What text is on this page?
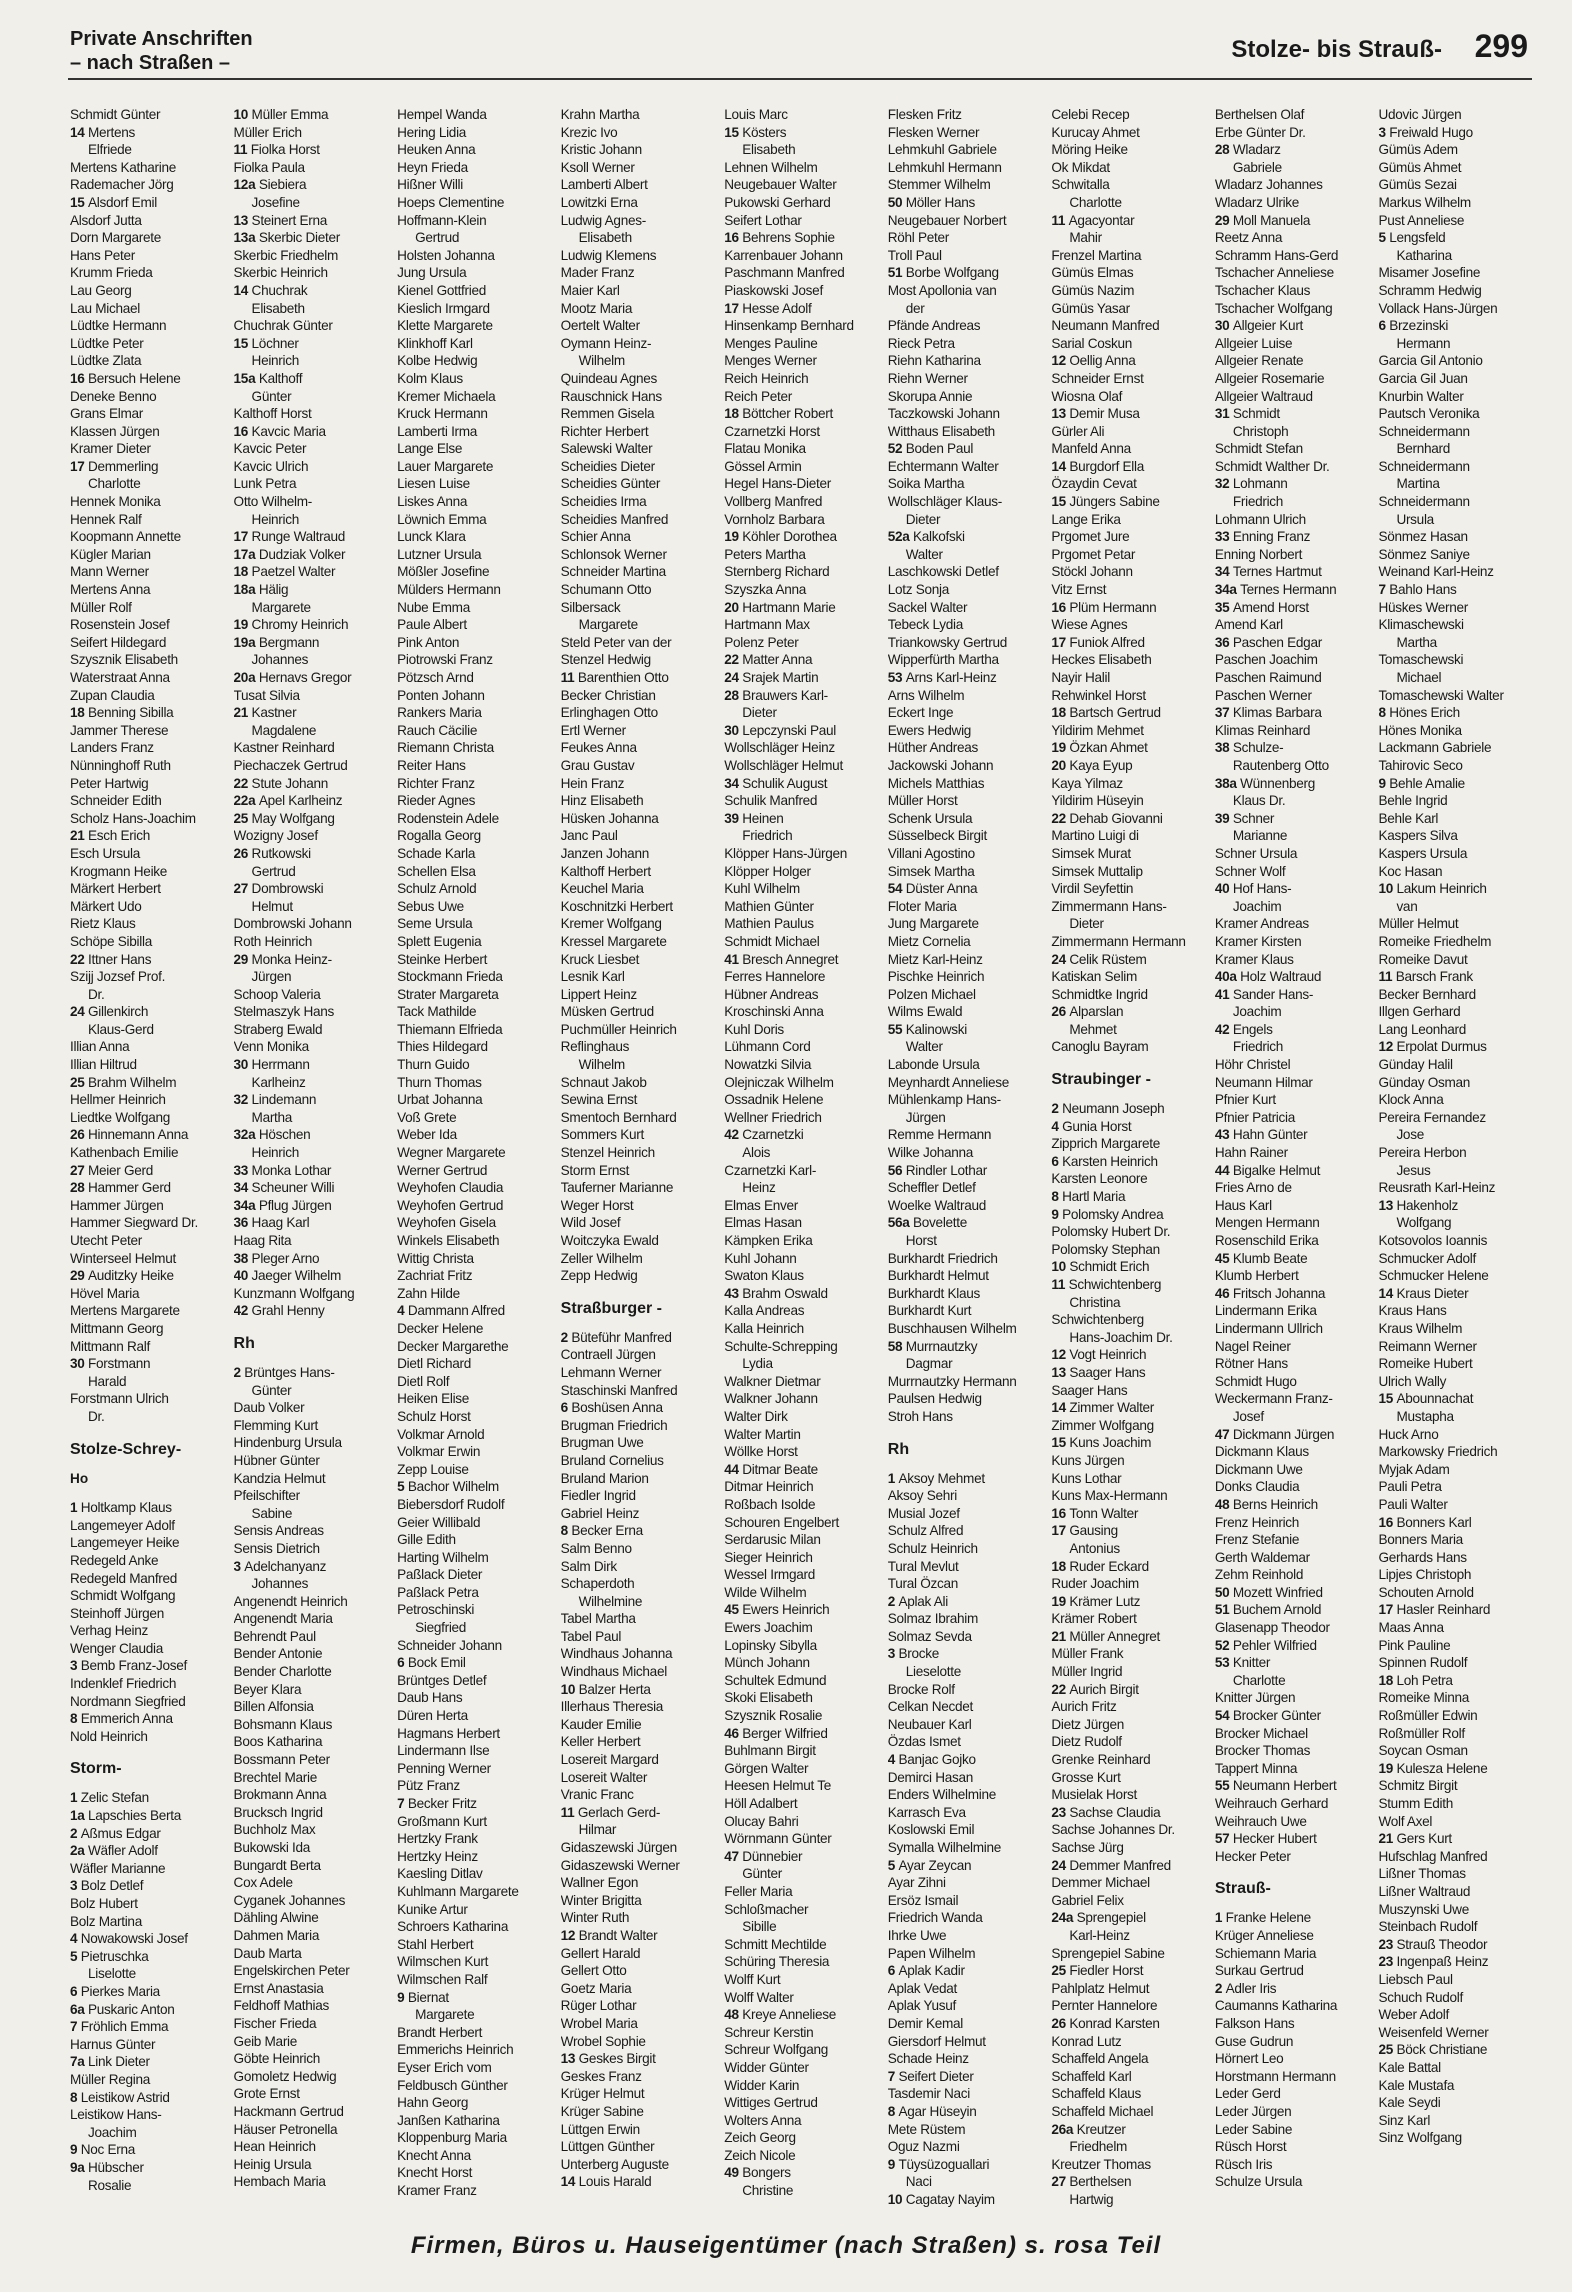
Private Anschriften
– nach Straßen –	Stolze- bis Strauß- 299
Schmidt Günter
14 Mertens
Elfriede
Mertens Katharine
Rademacher Jörg
15 Alsdorf Emil
Alsdorf Jutta
Dorn Margarete
Hans Peter
Krumm Frieda
Lau Georg
Lau Michael
Lüdtke Hermann
Lüdtke Peter
Lüdtke Zlata
16 Bersuch Helene
Deneke Benno
Grans Elmar
Klassen Jürgen
Kramer Dieter
17 Demmerling
Charlotte
Hennek Monika
Hennek Ralf
Koopmann Annette
Kügler Marian
Mann Werner
Mertens Anna
Müller Rolf
Rosenstein Josef
Seifert Hildegard
Szysznik Elisabeth
Waterstraat Anna
Zupan Claudia
18 Benning Sibilla
Jammer Therese
Landers Franz
Nünninghoff Ruth
Peter Hartwig
Schneider Edith
Scholz Hans-Joachim
21 Esch Erich
Esch Ursula
Krogmann Heike
Märkert Herbert
Märkert Udo
Rietz Klaus
Schöpe Sibilla
22 Ittner Hans
Szijj Jozsef Prof.
Dr.
24 Gillenkirch
Klaus-Gerd
Illian Anna
Illian Hiltrud
25 Brahm Wilhelm
Hellmer Heinrich
Liedtke Wolfgang
26 Hinnemann Anna
Kathenbach Emilie
27 Meier Gerd
28 Hammer Gerd
Hammer Jürgen
Hammer Siegward Dr.
Utecht Peter
Winterseel Helmut
29 Auditzky Heike
Hövel Maria
Mertens Margarete
Mittmann Georg
Mittmann Ralf
30 Forstmann
Harald
Forstmann Ulrich
Dr.
Stolze-Schrey-
Ho
1 Holtkamp Klaus
Langemeyer Adolf
Langemeyer Heike
Redegeld Anke
Redegeld Manfred
Schmidt Wolfgang
Steinhoff Jürgen
Verhag Heinz
Wenger Claudia
3 Bemb Franz-Josef
Indenklef Friedrich
Nordmann Siegfried
8 Emmerich Anna
Nold Heinrich
Storm-
1 Zelic Stefan
1a Lapschies Berta
2 Aßmus Edgar
2a Wäfler Adolf
Wäfler Marianne
3 Bolz Detlef
Bolz Hubert
Bolz Martina
4 Nowakowski Josef
5 Pietruschka
Liselotte
6 Pierkes Maria
6a Puskaric Anton
7 Fröhlich Emma
Harnus Günter
7a Link Dieter
Müller Regina
8 Leistikow Astrid
Leistikow Hans-
Joachim
9 Noc Erna
9a Hübscher
Rosalie
10 Müller Emma
Müller Erich
11 Fiolka Horst
Fiolka Paula
12a Siebiera
Josefine
13 Steinert Erna
13a Skerbic Dieter
Skerbic Friedhelm
Skerbic Heinrich
14 Chuchrak
Elisabeth
Chuchrak Günter
15 Löchner
Heinrich
15a Kalthoff
Günter
Kalthoff Horst
16 Kavcic Maria
Kavcic Peter
Kavcic Ulrich
Lunk Petra
Otto Wilhelm-
Heinrich
17 Runge Waltraud
17a Dudziak Volker
18 Paetzel Walter
18a Hälig
Margarete
19 Chromy Heinrich
19a Bergmann
Johannes
20a Hernavs Gregor
Tusat Silvia
21 Kastner
Magdalene
Kastner Reinhard
Piechaczek Gertrud
22 Stute Johann
22a Apel Karlheinz
25 May Wolfgang
Wozigny Josef
26 Rutkowski
Gertrud
27 Dombrowski
Helmut
Dombrowski Johann
Roth Heinrich
29 Monka Heinz-
Jürgen
Schoop Valeria
Stelmaszyk Hans
Straberg Ewald
Venn Monika
30 Herrmann
Karlheinz
32 Lindemann
Martha
32a Höschen
Heinrich
33 Monka Lothar
34 Scheuner Willi
34a Pflug Jürgen
36 Haag Karl
Haag Rita
38 Pleger Arno
40 Jaeger Wilhelm
Kunzmann Wolfgang
42 Grahl Henny
Rh
2 Brüntges Hans-
Günter
Daub Volker
Flemming Kurt
Hindenburg Ursula
Hübner Günter
Kandzia Helmut
Pfeilschifter
Sabine
Sensis Andreas
Sensis Dietrich
3 Adelchanyanz
Johannes
Angenendt Heinrich
Angenendt Maria
Behrendt Paul
Bender Antonie
Bender Charlotte
Beyer Klara
Billen Alfonsia
Bohsmann Klaus
Boos Katharina
Bossmann Peter
Brechtel Marie
Brokmann Anna
Brucksch Ingrid
Buchholz Max
Bukowski Ida
Bungardt Berta
Cox Adele
Cyganek Johannes
Dähling Alwine
Dahmen Maria
Daub Marta
Engelskirchen Peter
Ernst Anastasia
Feldhoff Mathias
Fischer Frieda
Geib Marie
Göbte Heinrich
Gomoletz Hedwig
Grote Ernst
Hackmann Gertrud
Häuser Petronella
Hean Heinrich
Heinig Ursula
Hembach Maria
Hempel Wanda
Hering Lidia
Heuken Anna
Heyn Frieda
Hißner Willi
Hoeps Clementine
Hoffmann-Klein
Gertrud
Holsten Johanna
Jung Ursula
Kienel Gottfried
Kieslich Irmgard
Klette Margarete
Klinkhoff Karl
Kolbe Hedwig
Kolm Klaus
Kremer Michaela
Kruck Hermann
Lamberti Irma
Lange Else
Lauer Margarete
Liesen Luise
Liskes Anna
Löwnich Emma
Lunck Klara
Lutzner Ursula
Mößler Josefine
Mülders Hermann
Nube Emma
Paule Albert
Pink Anton
Piotrowski Franz
Pötzsch Arnd
Ponten Johann
Rankers Maria
Rauch Cäcilie
Riemann Christa
Reiter Hans
Richter Franz
Rieder Agnes
Rodenstein Adele
Rogalla Georg
Schade Karla
Schellen Elsa
Schulz Arnold
Sebus Uwe
Seme Ursula
Splett Eugenia
Steinke Herbert
Stockmann Frieda
Strater Margareta
Tack Mathilde
Thiemann Elfrieda
Thies Hildegard
Thurn Guido
Thurn Thomas
Urbat Johanna
Voß Grete
Weber Ida
Wegner Margarete
Werner Gertrud
Weyhofen Claudia
Weyhofen Gertrud
Weyhofen Gisela
Winkels Elisabeth
Wittig Christa
Zachriat Fritz
Zahn Hilde
4 Dammann Alfred
Decker Helene
Decker Margarethe
Dietl Richard
Dietl Rolf
Heiken Elise
Schulz Horst
Volkmar Arnold
Volkmar Erwin
Zepp Louise
5 Bachor Wilhelm
Biebersdorf Rudolf
Geier Willibald
Gille Edith
Harting Wilhelm
Paßlack Dieter
Paßlack Petra
Petroschinski
Siegfried
Schneider Johann
6 Bock Emil
Brüntges Detlef
Daub Hans
Düren Herta
Hagmans Herbert
Lindermann Ilse
Penning Werner
Pütz Franz
7 Becker Fritz
Großmann Kurt
Hertzky Frank
Hertzky Heinz
Kaesling Ditlav
Kuhlmann Margarete
Kunike Artur
Schroers Katharina
Stahl Herbert
Wilmschen Kurt
Wilmschen Ralf
9 Biernat
Margarete
Brandt Herbert
Emmerichs Heinrich
Eyser Erich vom
Feldbusch Günther
Hahn Georg
Janßen Katharina
Kloppenburg Maria
Knecht Anna
Knecht Horst
Kramer Franz
Krahn Martha
Krezic Ivo
Kristic Johann
Ksoll Werner
Lamberti Albert
Lowitzki Erna
Ludwig Agnes-
Elisabeth
Ludwig Klemens
Mader Franz
Maier Karl
Mootz Maria
Oertelt Walter
Oymann Heinz-
Wilhelm
Quindeau Agnes
Rauschnick Hans
Remmen Gisela
Richter Herbert
Salewski Walter
Scheidies Dieter
Scheidies Günter
Scheidies Irma
Scheidies Manfred
Schier Anna
Schlonsok Werner
Schneider Martina
Schumann Otto
Silbersack
Margarete
Steld Peter van der
Stenzel Hedwig
11 Barenthien Otto
Becker Christian
Erlinghagen Otto
Ertl Werner
Feukes Anna
Grau Gustav
Hein Franz
Hinz Elisabeth
Hüsken Johanna
Janc Paul
Janzen Johann
Kalthoff Herbert
Keuchel Maria
Koschnitzki Herbert
Kremer Wolfgang
Kressel Margarete
Kruck Liesbet
Lesnik Karl
Lippert Heinz
Müsken Gertrud
Puchmüller Heinrich
Reflinghaus
Wilhelm
Schnaut Jakob
Sewina Ernst
Smentoch Bernhard
Sommers Kurt
Stenzel Heinrich
Storm Ernst
Tauferner Marianne
Weger Horst
Wild Josef
Woitczyka Ewald
Zeller Wilhelm
Zepp Hedwig
Straßburger -
2 Büteführ Manfred
Contraell Jürgen
Lehmann Werner
Staschinski Manfred
6 Boshüsen Anna
Brugman Friedrich
Brugman Uwe
Bruland Cornelius
Bruland Marion
Fiedler Ingrid
Gabriel Heinz
8 Becker Erna
Salm Benno
Salm Dirk
Schaperdoth
Wilhelmine
Tabel Martha
Tabel Paul
Windhaus Johanna
Windhaus Michael
10 Balzer Herta
Illerhaus Theresia
Kauder Emilie
Keller Herbert
Losereit Margard
Losereit Walter
Vranic Franc
11 Gerlach Gerd-
Hilmar
Gidaszewski Jürgen
Gidaszewski Werner
Wallner Egon
Winter Brigitta
Winter Ruth
12 Brandt Walter
Gellert Harald
Gellert Otto
Goetz Maria
Rüger Lothar
Wrobel Maria
Wrobel Sophie
13 Geskes Birgit
Geskes Franz
Krüger Helmut
Krüger Sabine
Lüttgen Erwin
Lüttgen Günther
Unterberg Auguste
14 Louis Harald
Louis Marc
15 Kösters
Elisabeth
Lehnen Wilhelm
Neugebauer Walter
Pukowski Gerhard
Seifert Lothar
16 Behrens Sophie
Karrenbauer Johann
Paschmann Manfred
Piaskowski Josef
17 Hesse Adolf
Hinsenkamp Bernhard
Menges Pauline
Menges Werner
Reich Heinrich
Reich Peter
18 Böttcher Robert
Czarnetzki Horst
Flatau Monika
Gössel Armin
Hegel Hans-Dieter
Vollberg Manfred
Vornholz Barbara
19 Köhler Dorothea
Peters Martha
Sternberg Richard
Szyszka Anna
20 Hartmann Marie
Hartmann Max
Polenz Peter
22 Matter Anna
24 Srajek Martin
28 Brauwers Karl-
Dieter
30 Lepczynski Paul
Wollschläger Heinz
Wollschläger Helmut
34 Schulik August
Schulik Manfred
39 Heinen
Friedrich
Klöpper Hans-Jürgen
Klöpper Holger
Kuhl Wilhelm
Mathien Günter
Mathien Paulus
Schmidt Michael
41 Bresch Annegret
Ferres Hannelore
Hübner Andreas
Kroschinski Anna
Kuhl Doris
Lühmann Cord
Nowatzki Silvia
Olejniczak Wilhelm
Ossadnik Helene
Wellner Friedrich
42 Czarnetzki
Alois
Czarnetzki Karl-
Heinz
Elmas Enver
Elmas Hasan
Kämpken Erika
Kuhl Johann
Swaton Klaus
43 Brahm Oswald
Kalla Andreas
Kalla Heinrich
Schulte-Schrepping
Lydia
Walkner Dietmar
Walkner Johann
Walter Dirk
Walter Martin
Wöllke Horst
44 Ditmar Beate
Ditmar Heinrich
Roßbach Isolde
Schouren Engelbert
Serdarusic Milan
Sieger Heinrich
Wessel Irmgard
Wilde Wilhelm
45 Ewers Heinrich
Ewers Joachim
Lopinsky Sibylla
Münch Johann
Schultek Edmund
Skoki Elisabeth
Szysznik Rosalie
46 Berger Wilfried
Buhlmann Birgit
Görgen Walter
Heesen Helmut Te
Höll Adalbert
Olucay Bahri
Wörnmann Günter
47 Dünnebier
Günter
Feller Maria
Schloßmacher
Sibille
Schmitt Mechtilde
Schüring Theresia
Wolff Kurt
Wolff Walter
48 Kreye Anneliese
Schreur Kerstin
Schreur Wolfgang
Widder Günter
Widder Karin
Wittiges Gertrud
Wolters Anna
Zeich Georg
Zeich Nicole
49 Bongers
Christine
Flesken Fritz
Flesken Werner
Lehmkuhl Gabriele
Lehmkuhl Hermann
Stemmer Wilhelm
50 Möller Hans
Neugebauer Norbert
Röhl Peter
Troll Paul
51 Borbe Wolfgang
Most Apollonia van
der
Pfände Andreas
Rieck Petra
Riehn Katharina
Riehn Werner
Skorupa Annie
Taczkowski Johann
Witthaus Elisabeth
52 Boden Paul
Echtermann Walter
Soika Martha
Wollschläger Klaus-
Dieter
52a Kalkofski
Walter
Laschkowski Detlef
Lotz Sonja
Sackel Walter
Tebeck Lydia
Triankowsky Gertrud
Wipperfürth Martha
53 Arns Karl-Heinz
Arns Wilhelm
Eckert Inge
Ewers Hedwig
Hüther Andreas
Jackowski Johann
Michels Matthias
Müller Horst
Schenk Ursula
Süsselbeck Birgit
Villani Agostino
Simsek Martha
54 Düster Anna
Floter Maria
Jung Margarete
Mietz Cornelia
Mietz Karl-Heinz
Pischke Heinrich
Polzen Michael
Wilms Ewald
55 Kalinowski
Walter
Labonde Ursula
Meynhardt Anneliese
Mühlenkamp Hans-
Jürgen
Remme Hermann
Wilke Johanna
56 Rindler Lothar
Scheffler Detlef
Woelke Waltraud
56a Bovelette
Horst
Burkhardt Friedrich
Burkhardt Helmut
Burkhardt Klaus
Burkhardt Kurt
Buschhausen Wilhelm
58 Murrnautzky
Dagmar
Murrnautzky Hermann
Paulsen Hedwig
Stroh Hans
Rh
1 Aksoy Mehmet
Aksoy Sehri
Musial Jozef
Schulz Alfred
Schulz Heinrich
Tural Mevlut
Tural Özcan
2 Aplak Ali
Solmaz Ibrahim
Solmaz Sevda
3 Brocke
Lieselotte
Brocke Rolf
Celkan Necdet
Neubauer Karl
Özdas Ismet
4 Banjac Gojko
Demirci Hasan
Enders Wilhelmine
Karrasch Eva
Koslowski Emil
Symalla Wilhelmine
5 Ayar Zeycan
Ayar Zihni
Ersöz Ismail
Friedrich Wanda
Ihrke Uwe
Papen Wilhelm
6 Aplak Kadir
Aplak Vedat
Aplak Yusuf
Demir Kemal
Giersdorf Helmut
Schade Heinz
7 Seifert Dieter
Tasdemir Naci
8 Agar Hüseyin
Mete Rüstem
Oguz Nazmi
9 Tüysüzoguallari
Naci
10 Cagatay Nayim
Celebi Recep
Kurucay Ahmet
Möring Heike
Ok Mikdat
Schwitalla
Charlotte
11 Agacyontar
Mahir
Frenzel Martina
Gümüs Elmas
Gümüs Nazim
Gümüs Yasar
Neumann Manfred
Sarial Coskun
12 Oellig Anna
Schneider Ernst
Wiosna Olaf
13 Demir Musa
Gürler Ali
Manfeld Anna
14 Burgdorf Ella
Özaydin Cevat
15 Jüngers Sabine
Lange Erika
Prgomet Jure
Prgomet Petar
Stöckl Johann
Vitz Ernst
16 Plüm Hermann
Wiese Agnes
17 Funiok Alfred
Heckes Elisabeth
Nayir Halil
Rehwinkel Horst
18 Bartsch Gertrud
Yildirim Mehmet
19 Özkan Ahmet
20 Kaya Eyup
Kaya Yilmaz
Yildirim Hüseyin
22 Dehab Giovanni
Martino Luigi di
Simsek Murat
Simsek Muttalip
Virdil Seyfettin
Zimmermann Hans-
Dieter
Zimmermann Hermann
24 Celik Rüstem
Katiskan Selim
Schmidtke Ingrid
26 Alparslan
Mehmet
Canoglu Bayram
Straubinger -
2 Neumann Joseph
4 Gunia Horst
Zipprich Margarete
6 Karsten Heinrich
Karsten Leonore
8 Hartl Maria
9 Polomsky Andrea
Polomsky Hubert Dr.
Polomsky Stephan
10 Schmidt Erich
11 Schwichtenberg
Christina
Schwichtenberg
Hans-Joachim Dr.
12 Vogt Heinrich
13 Saager Hans
Saager Hans
14 Zimmer Walter
Zimmer Wolfgang
15 Kuns Joachim
Kuns Jürgen
Kuns Lothar
Kuns Max-Hermann
16 Tonn Walter
17 Gausing
Antonius
18 Ruder Eckard
Ruder Joachim
19 Krämer Lutz
Krämer Robert
21 Müller Annegret
Müller Frank
Müller Ingrid
22 Aurich Birgit
Aurich Fritz
Dietz Jürgen
Dietz Rudolf
Grenke Reinhard
Grosse Kurt
Musielak Horst
23 Sachse Claudia
Sachse Johannes Dr.
Sachse Jürg
24 Demmer Manfred
Demmer Michael
Gabriel Felix
24a Sprengepiel
Karl-Heinz
Sprengepiel Sabine
25 Fiedler Horst
Pahlplatz Helmut
Pernter Hannelore
26 Konrad Karsten
Konrad Lutz
Schaffeld Angela
Schaffeld Karl
Schaffeld Klaus
Schaffeld Michael
26a Kreutzer
Friedhelm
Kreutzer Thomas
27 Berthelsen
Hartwig
Berthelsen Olaf
Erbe Günter Dr.
28 Wladarz
Gabriele
Wladarz Johannes
Wladarz Ulrike
29 Moll Manuela
Reetz Anna
Schramm Hans-Gerd
Tschacher Anneliese
Tschacher Klaus
Tschacher Wolfgang
30 Allgeier Kurt
Allgeier Luise
Allgeier Renate
Allgeier Rosemarie
Allgeier Waltraud
31 Schmidt
Christoph
Schmidt Stefan
Schmidt Walther Dr.
32 Lohmann
Friedrich
Lohmann Ulrich
33 Enning Franz
Enning Norbert
34 Ternes Hartmut
34a Ternes Hermann
35 Amend Horst
Amend Karl
36 Paschen Edgar
Paschen Joachim
Paschen Raimund
Paschen Werner
37 Klimas Barbara
Klimas Reinhard
38 Schulze-
Rautenberg Otto
38a Wünnenberg
Klaus Dr.
39 Schner
Marianne
Schner Ursula
Schner Wolf
40 Hof Hans-
Joachim
Kramer Andreas
Kramer Kirsten
Kramer Klaus
40a Holz Waltraud
41 Sander Hans-
Joachim
42 Engels
Friedrich
Höhr Christel
Neumann Hilmar
Pfnier Kurt
Pfnier Patricia
43 Hahn Günter
Hahn Rainer
44 Bigalke Helmut
Fries Arno de
Haus Karl
Mengen Hermann
Rosenschild Erika
45 Klumb Beate
Klumb Herbert
46 Fritsch Johanna
Lindermann Erika
Lindermann Ullrich
Nagel Reiner
Rötner Hans
Schmidt Hugo
Weckermann Franz-
Josef
47 Dickmann Jürgen
Dickmann Klaus
Dickmann Uwe
Donks Claudia
48 Berns Heinrich
Frenz Heinrich
Frenz Stefanie
Gerth Waldemar
Zehm Reinhold
50 Mozett Winfried
51 Buchem Arnold
Glasenapp Theodor
52 Pehler Wilfried
53 Knitter
Charlotte
Knitter Jürgen
54 Brocker Günter
Brocker Michael
Brocker Thomas
Tappert Minna
55 Neumann Herbert
Weihrauch Gerhard
Weihrauch Uwe
57 Hecker Hubert
Hecker Peter
Strauß-
1 Franke Helene
Krüger Anneliese
Schiemann Maria
Surkau Gertrud
2 Adler Iris
Caumanns Katharina
Falkson Hans
Guse Gudrun
Hörnert Leo
Horstmann Hermann
Leder Gerd
Leder Jürgen
Leder Sabine
Rüsch Horst
Rüsch Iris
Schulze Ursula
Udovic Jürgen
3 Freiwald Hugo
Gümüs Adem
Gümüs Ahmet
Gümüs Sezai
Markus Wilhelm
Pust Anneliese
5 Lengsfeld
Katharina
Misamer Josefine
Schramm Hedwig
Vollack Hans-Jürgen
6 Brzezinski
Hermann
Garcia Gil Antonio
Garcia Gil Juan
Knurbin Walter
Pautsch Veronika
Schneidermann
Bernhard
Schneidermann
Martina
Schneidermann
Ursula
Sönmez Hasan
Sönmez Saniye
Weinand Karl-Heinz
7 Bahlo Hans
Hüskes Werner
Klimaschewski
Martha
Tomaschewski
Michael
Tomaschewski Walter
8 Hönes Erich
Hönes Monika
Lackmann Gabriele
Tahirovic Seco
9 Behle Amalie
Behle Ingrid
Behle Karl
Kaspers Silva
Kaspers Ursula
Koc Hasan
10 Lakum Heinrich
van
Müller Helmut
Romeike Friedhelm
Romeike Davut
11 Barsch Frank
Becker Bernhard
Illgen Gerhard
Lang Leonhard
12 Erpolat Durmus
Günday Halil
Günday Osman
Klock Anna
Pereira Fernandez
Jose
Pereira Herbon
Jesus
Reusrath Karl-Heinz
13 Hakenholz
Wolfgang
Kotsovolos Ioannis
Schmucker Adolf
Schmucker Helene
14 Kraus Dieter
Kraus Hans
Kraus Wilhelm
Reimann Werner
Romeike Hubert
Ulrich Wally
15 Abounnachat
Mustapha
Huck Arno
Markowsky Friedrich
Myjak Adam
Pauli Petra
Pauli Walter
16 Bonners Karl
Bonners Maria
Gerhards Hans
Lipjes Christoph
Schouten Arnold
17 Hasler Reinhard
Maas Anna
Pink Pauline
Spinnen Rudolf
18 Loh Petra
Romeike Minna
Roßmüller Edwin
Roßmüller Rolf
Soycan Osman
19 Kulesza Helene
Schmitz Birgit
Stumm Edith
Wolf Axel
21 Gers Kurt
Hufschlag Manfred
Lißner Thomas
Lißner Waltraud
Muszynski Uwe
Steinbach Rudolf
23 Strauß Theodor
23 Ingenpaß Heinz
Liebsch Paul
Schuch Rudolf
Weber Adolf
Weisenfeld Werner
25 Böck Christiane
Kale Battal
Kale Mustafa
Kale Seydi
Sinz Karl
Sinz Wolfgang
Firmen, Büros u. Hauseigentümer (nach Straßen) s. rosa Teil
